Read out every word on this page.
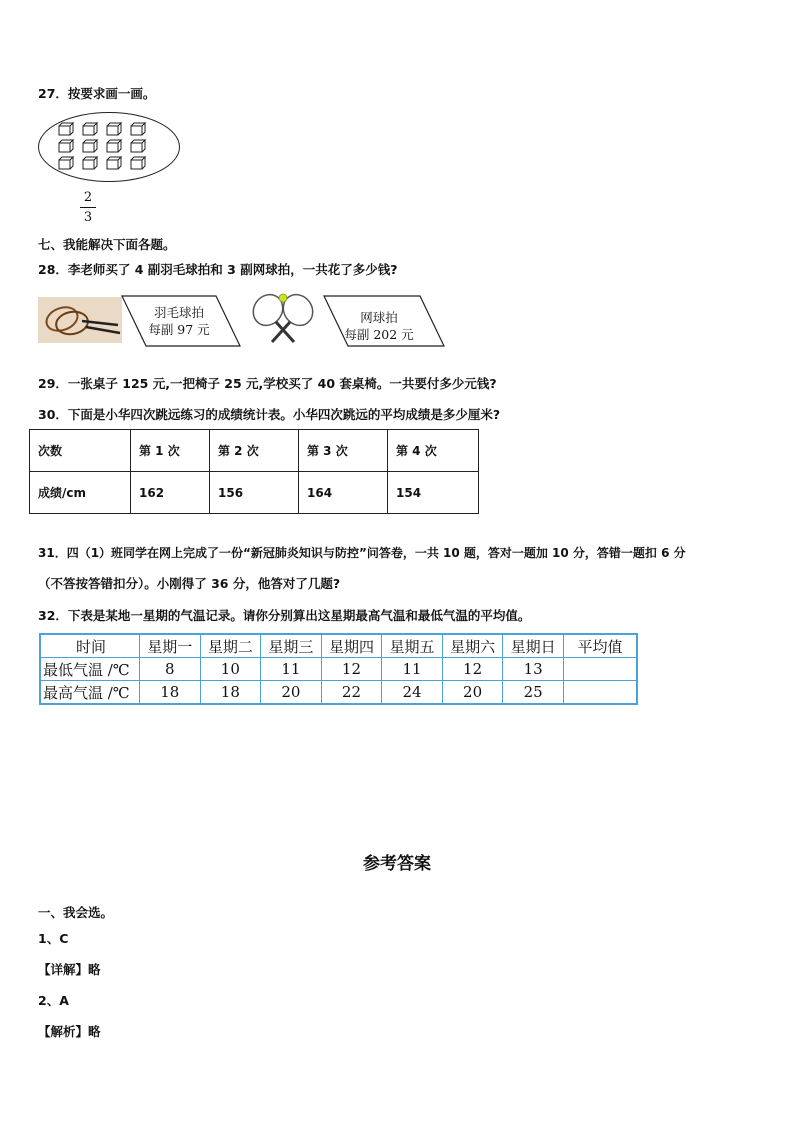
27．按要求画一画。
2
3
七、我能解决下面各题。
28．李老师买了 4 副羽毛球拍和 3 副网球拍，一共花了多少钱?
羽毛球拍
每副 97 元
网球拍
每副 202 元
29．一张桌子 125 元,一把椅子 25 元,学校买了 40 套桌椅。一共要付多少元钱?
30．下面是小华四次跳远练习的成绩统计表。小华四次跳远的平均成绩是多少厘米?
次数	第 1 次	第 2 次	第 3 次	第 4 次
成绩/cm	162	156	164	154
31．四（1）班同学在网上完成了一份“新冠肺炎知识与防控”问答卷，一共 10 题，答对一题加 10 分，答错一题扣 6 分
（不答按答错扣分）。小刚得了 36 分，他答对了几题?
32．下表是某地一星期的气温记录。请你分别算出这星期最高气温和最低气温的平均值。
时间	星期一	星期二	星期三	星期四	星期五	星期六	星期日	平均值
最低气温 /℃	8	10	11	12	11	12	13	
最高气温 /℃	18	18	20	22	24	20	25	
参考答案
一、我会选。
1、C
【详解】略
2、A
【解析】略
